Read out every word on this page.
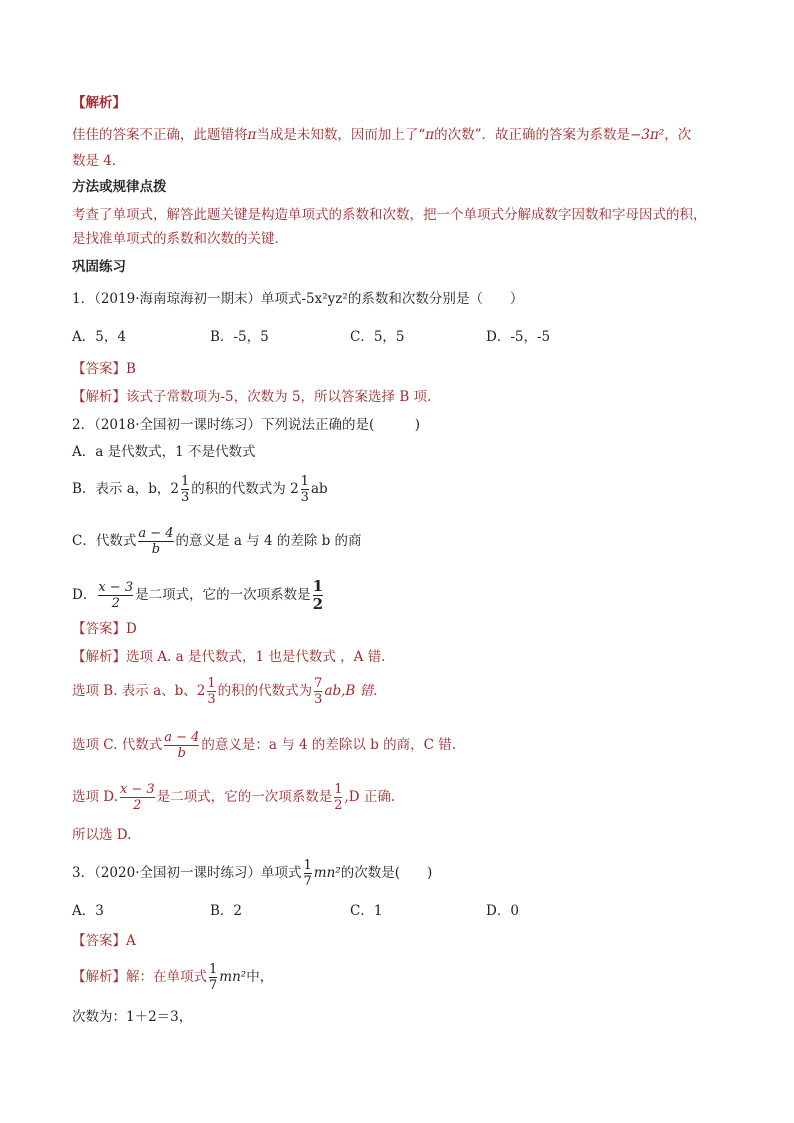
【解析】
佳佳的答案不正确，此题错将π当成是未知数，因而加上了“π的次数”．故正确的答案为系数是−3π²，次
数是 4．
方法或规律点拨
考查了单项式，解答此题关键是构造单项式的系数和次数，把一个单项式分解成数字因数和字母因式的积，
是找准单项式的系数和次数的关键．
巩固练习
1．（2019·海南琼海初一期末）单项式-5x²yz²的系数和次数分别是（　　）
A．5，4	B．-5，5	C．5，5	D．-5，-5
【答案】B
【解析】该式子常数项为-5，次数为 5，所以答案选择 B 项.
2．（2018·全国初一课时练习）下列说法正确的是(　　　)
A．a 是代数式，1 不是代数式
B．表示 a，b，$2 \frac{1}{3}$ 的积的代数式为 $2 \frac{1}{3}$ ab
C．代数式 $\frac{a - 4}{b}$ 的意义是 a 与 4 的差除 b 的商
D． $\frac{x - 3}{2}$ 是二项式，它的一次项系数是 $\frac{1}{2}$
【答案】D
【解析】选项 A. a 是代数式，1 也是代数式 ，A 错.
选项 B. 表示 a、b、$2 \frac{1}{3}$ 的积的代数式为 $\frac{7}{3} ab,B$ 错.
选项 C. 代数式 $\frac{a - 4}{b}$ 的意义是：a 与 4 的差除以 b 的商，C 错.
选项 D. $\frac{x - 3}{2}$ 是二项式，它的一次项系数是 $\frac{1}{2} ,D$ 正确.
所以选 D.
3．（2020·全国初一课时练习）单项式 $\frac{1}{7} mn^2$的次数是(　　)
A．3	B．2	C．1	D．0
【答案】A
【解析】解：在单项式 $\frac{1}{7} mn^2$中，
次数为：1＋2＝3，
